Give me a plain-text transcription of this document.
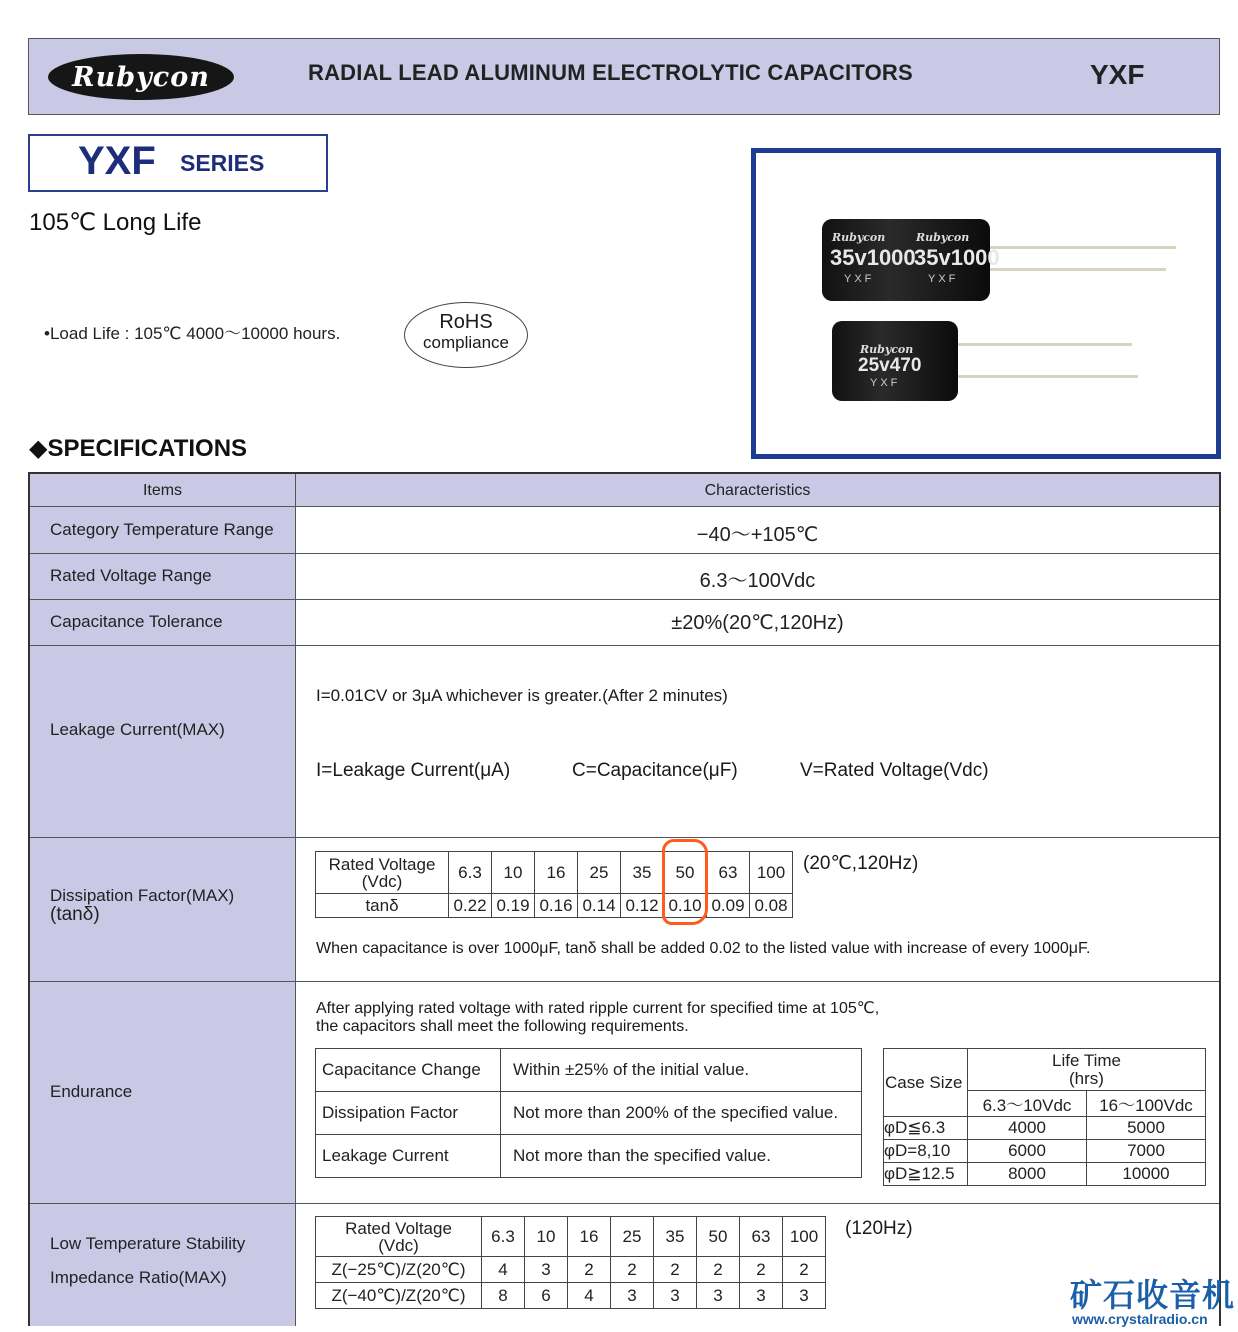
Rubycon	RADIAL LEAD ALUMINUM ELECTROLYTIC CAPACITORS	YXF
YXF SERIES
105℃ Long Life
•Load Life : 105℃ 4000〜10000 hours.
RoHS
compliance
Rubycon
35v1000
YXF
Rubycon
35v1000
YXF
Rubycon
25v470
YXF
◆SPECIFICATIONS
Items	Characteristics
Category Temperature Range	−40〜+105℃
Rated Voltage Range	6.3〜100Vdc
Capacitance Tolerance	±20%(20℃,120Hz)
Leakage Current(MAX)
I=0.01CV or 3μA whichever is greater.(After 2 minutes)
I=Leakage Current(μA)	C=Capacitance(μF)	V=Rated Voltage(Vdc)
Dissipation Factor(MAX)
(tanδ)
Rated Voltage
(Vdc)	6.3	10	16	25	35	50	63	100
tanδ	0.22	0.19	0.16	0.14	0.12	0.10	0.09	0.08
(20℃,120Hz)
When capacitance is over 1000μF, tanδ shall be added 0.02 to the listed value with increase of every 1000μF.
Endurance
After applying rated voltage with rated ripple current for specified time at 105℃,
the capacitors shall meet the following requirements.
Capacitance Change	Within ±25% of the initial value.
Dissipation Factor	Not more than 200% of the specified value.
Leakage Current	Not more than the specified value.
Case Size	Life Time
(hrs)	
	6.3〜10Vdc	16〜100Vdc
φD≦6.3	4000	5000
φD=8,10	6000	7000
φD≧12.5	8000	10000
Low Temperature Stability
Impedance Ratio(MAX)
Rated Voltage
(Vdc)	6.3	10	16	25	35	50	63	100
Z(−25℃)/Z(20℃)	4	3	2	2	2	2	2	2
Z(−40℃)/Z(20℃)	8	6	4	3	3	3	3	3
(120Hz)
矿石收音机
www.crystalradio.cn
